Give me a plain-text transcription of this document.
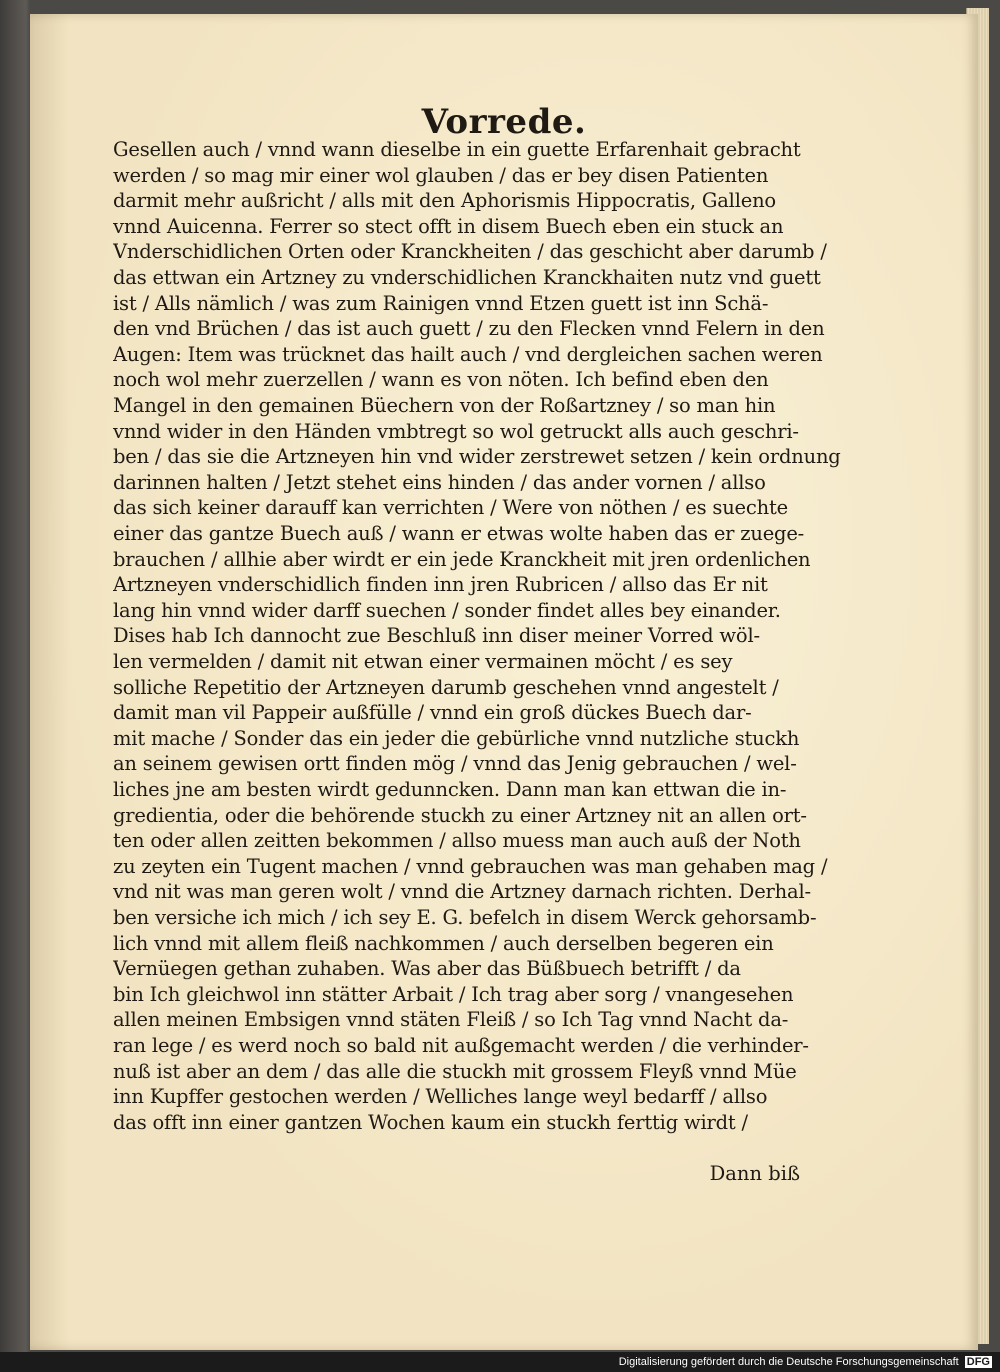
Vorrede.
Gesellen auch / vnnd wann dieselbe in ein guette Erfarenhait gebracht
werden / so mag mir einer wol glauben / das er bey disen Patienten
darmit mehr außricht / alls mit den Aphorismis Hippocratis, Galleno
vnnd Auicenna. Ferrer so stect offt in disem Buech eben ein stuck an
Vnderschidlichen Orten oder Kranckheiten / das geschicht aber darumb /
das ettwan ein Artzney zu vnderschidlichen Kranckhaiten nutz vnd guett
ist / Alls nämlich / was zum Rainigen vnnd Etzen guett ist inn Schä-
den vnd Brüchen / das ist auch guett / zu den Flecken vnnd Felern in den
Augen: Item was trücknet das hailt auch / vnd dergleichen sachen weren
noch wol mehr zuerzellen / wann es von nöten. Ich befind eben den
Mangel in den gemainen Büechern von der Roßartzney / so man hin
vnnd wider in den Händen vmbtregt so wol getruckt alls auch geschri-
ben / das sie die Artzneyen hin vnd wider zerstrewet setzen / kein ordnung
darinnen halten / Jetzt stehet eins hinden / das ander vornen / allso
das sich keiner darauff kan verrichten / Were von nöthen / es suechte
einer das gantze Buech auß / wann er etwas wolte haben das er zuege-
brauchen / allhie aber wirdt er ein jede Kranckheit mit jren ordenlichen
Artzneyen vnderschidlich finden inn jren Rubricen / allso das Er nit
lang hin vnnd wider darff suechen / sonder findet alles bey einander.
Dises hab Ich dannocht zue Beschluß inn diser meiner Vorred wöl-
len vermelden / damit nit etwan einer vermainen möcht / es sey
solliche Repetitio der Artzneyen darumb geschehen vnnd angestelt /
damit man vil Pappeir außfülle / vnnd ein groß dückes Buech dar-
mit mache / Sonder das ein jeder die gebürliche vnnd nutzliche stuckh
an seinem gewisen ortt finden mög / vnnd das Jenig gebrauchen / wel-
liches jne am besten wirdt gedunncken. Dann man kan ettwan die in-
gredientia, oder die behörende stuckh zu einer Artzney nit an allen ort-
ten oder allen zeitten bekommen / allso muess man auch auß der Noth
zu zeyten ein Tugent machen / vnnd gebrauchen was man gehaben mag /
vnd nit was man geren wolt / vnnd die Artzney darnach richten. Derhal-
ben versiche ich mich / ich sey E. G. befelch in disem Werck gehorsamb-
lich vnnd mit allem fleiß nachkommen / auch derselben begeren ein
Vernüegen gethan zuhaben. Was aber das Büßbuech betrifft / da
bin Ich gleichwol inn stätter Arbait / Ich trag aber sorg / vnangesehen
allen meinen Embsigen vnnd stäten Fleiß / so Ich Tag vnnd Nacht da-
ran lege / es werd noch so bald nit außgemacht werden / die verhinder-
nuß ist aber an dem / das alle die stuckh mit grossem Fleyß vnnd Müe
inn Kupffer gestochen werden / Welliches lange weyl bedarff / allso
das offt inn einer gantzen Wochen kaum ein stuckh ferttig wirdt /
Dann biß
Digitalisierung gefördert durch die Deutsche Forschungsgemeinschaft DFG
